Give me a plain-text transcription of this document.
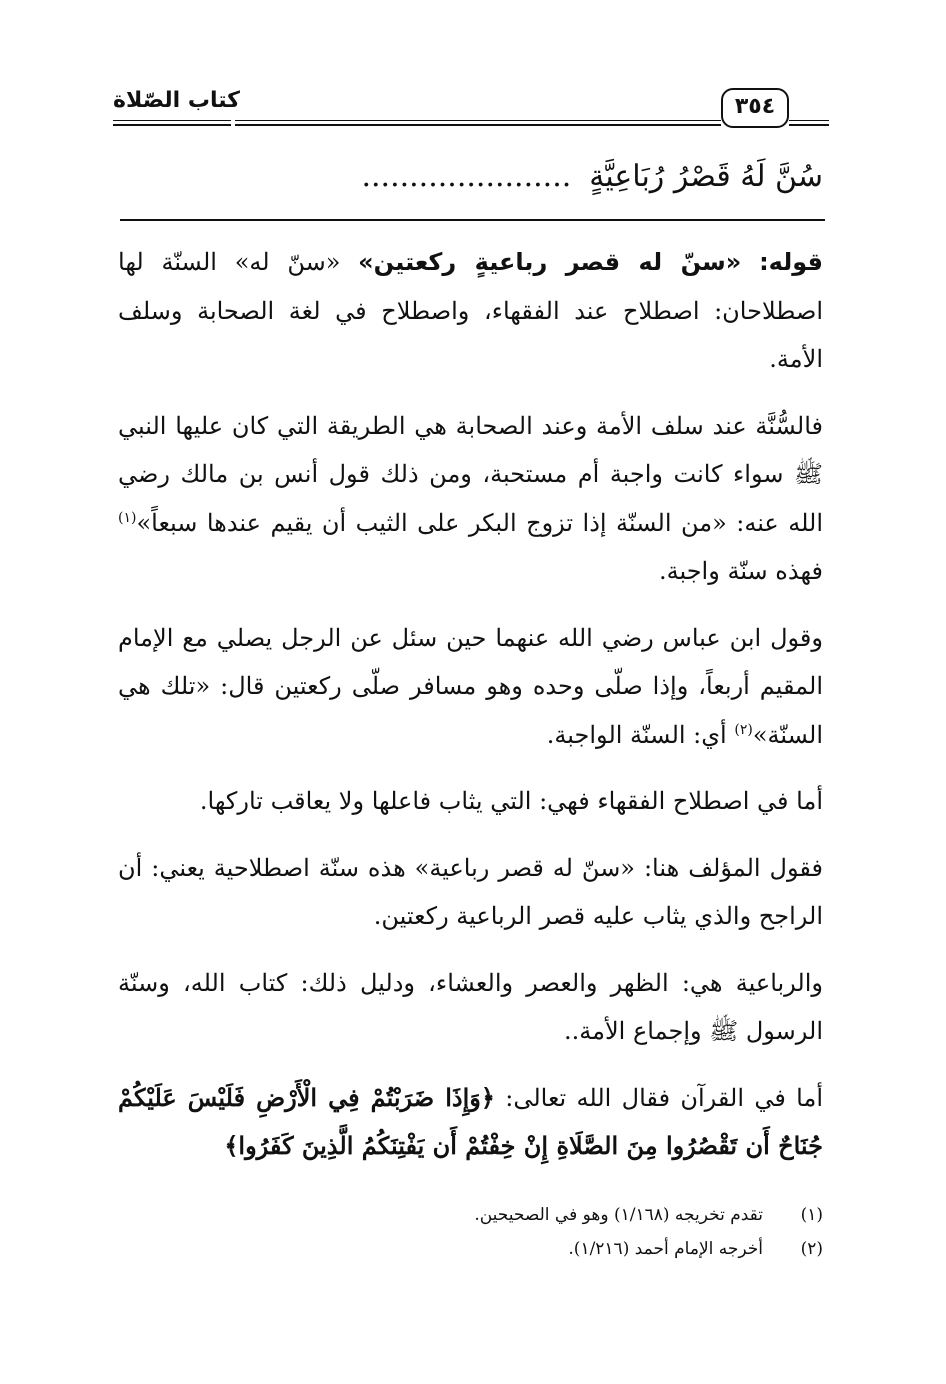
كتاب الصّلاة	٣٥٤
سُنَّ لَهُ قَصْرُ رُبَاعِيَّةٍ......................

قوله: «سنّ له قصر رباعيةٍ ركعتين» «سنّ له» السنّة لها اصطلاحان: اصطلاح عند الفقهاء، واصطلاح في لغة الصحابة وسلف الأمة.

فالسُّنَّة عند سلف الأمة وعند الصحابة هي الطريقة التي كان عليها النبي ﷺ سواء كانت واجبة أم مستحبة، ومن ذلك قول أنس بن مالك رضي الله عنه: «من السنّة إذا تزوج البكر على الثيب أن يقيم عندها سبعاً»$^{(١)}$ فهذه سنّة واجبة.

وقول ابن عباس رضي الله عنهما حين سئل عن الرجل يصلي مع الإمام المقيم أربعاً، وإذا صلّى وحده وهو مسافر صلّى ركعتين قال: «تلك هي السنّة»$^{(٢)}$ أي: السنّة الواجبة.

أما في اصطلاح الفقهاء فهي: التي يثاب فاعلها ولا يعاقب تاركها.

فقول المؤلف هنا: «سنّ له قصر رباعية» هذه سنّة اصطلاحية يعني: أن الراجح والذي يثاب عليه قصر الرباعية ركعتين.

والرباعية هي: الظهر والعصر والعشاء، ودليل ذلك: كتاب الله، وسنّة الرسول ﷺ وإجماع الأمة..

أما في القرآن فقال الله تعالى: ﴿وَإِذَا ضَرَبْتُمْ فِي الْأَرْضِ فَلَيْسَ عَلَيْكُمْ جُنَاحٌ أَن تَقْصُرُوا مِنَ الصَّلَاةِ إِنْ خِفْتُمْ أَن يَفْتِنَكُمُ الَّذِينَ كَفَرُوا﴾

(١)
تقدم تخريجه (١/١٦٨) وهو في الصحيحين.
(٢)
أخرجه الإمام أحمد (١/٢١٦).
